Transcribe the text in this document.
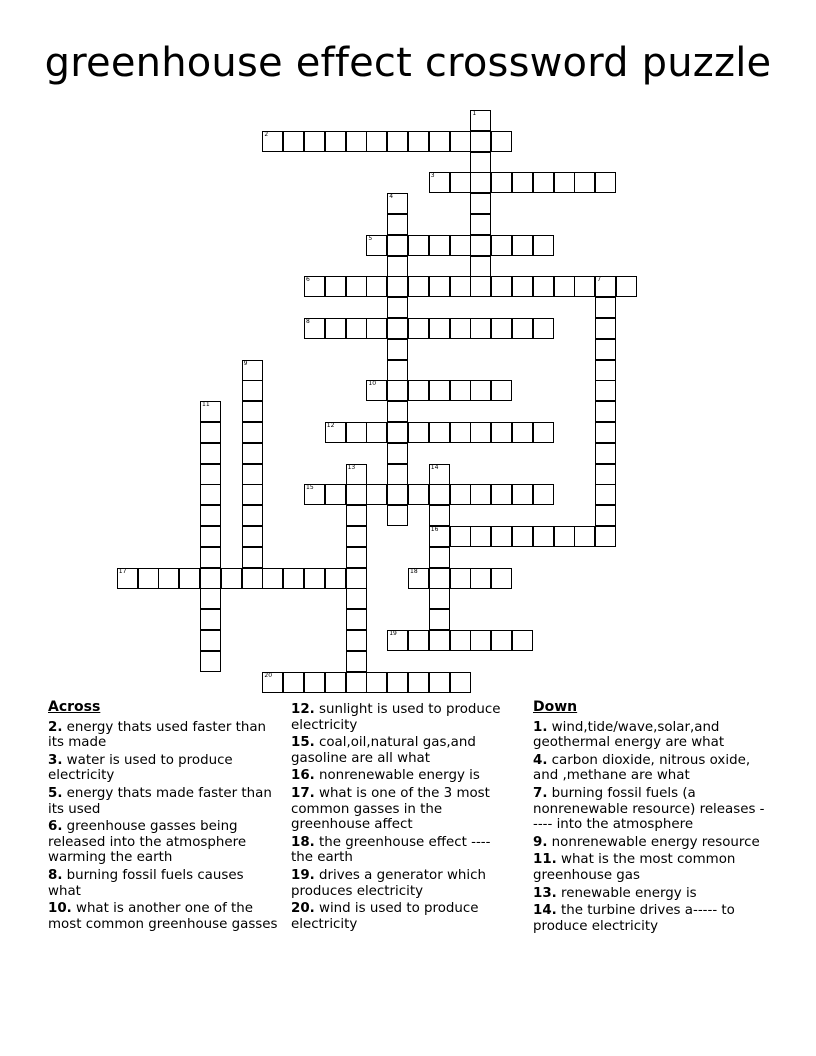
greenhouse effect crossword puzzle
1
2
3
4
5
6	7
8
9
10
11
12
13	14
16
15
17	18
19
20
Across
2. energy thats used faster than its made
3. water is used to produce electricity
5. energy thats made faster than its used
6. greenhouse gasses being released into the atmosphere warming the earth
8. burning fossil fuels causes what
10. what is another one of the most common greenhouse gasses
12. sunlight is used to produce electricity
15. coal,oil,natural gas,and gasoline are all what
16. nonrenewable energy is
17. what is one of the 3 most common gasses in the greenhouse affect
18. the greenhouse effect ---- the earth
19. drives a generator which produces electricity
20. wind is used to produce electricity
Down
1. wind,tide/wave,solar,and geothermal energy are what
4. carbon dioxide, nitrous oxide, and ,methane are what
7. burning fossil fuels (a nonrenewable resource) releases ----- into the atmosphere
9. nonrenewable energy resource
11. what is the most common greenhouse gas
13. renewable energy is
14. the turbine drives a----- to produce electricity
